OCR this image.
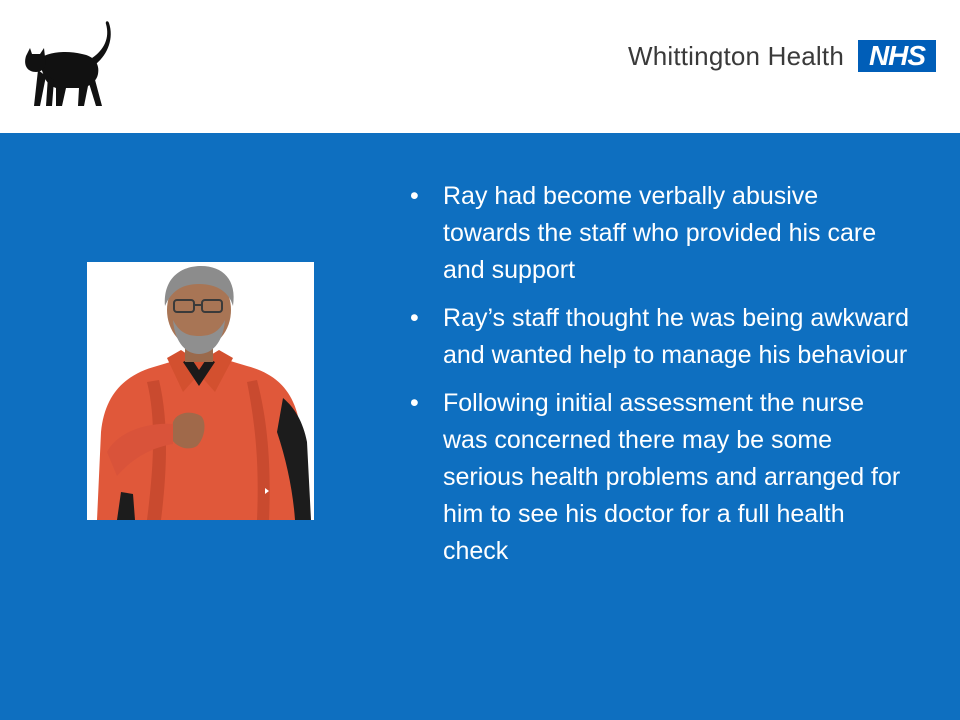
Whittington Health NHS
• Ray had become verbally abusive towards the staff who provided his care and support
• Ray’s staff thought he was being awkward and wanted help to manage his behaviour
• Following initial assessment the nurse was concerned there may be some serious health problems and arranged for him to see his doctor for a full health check
